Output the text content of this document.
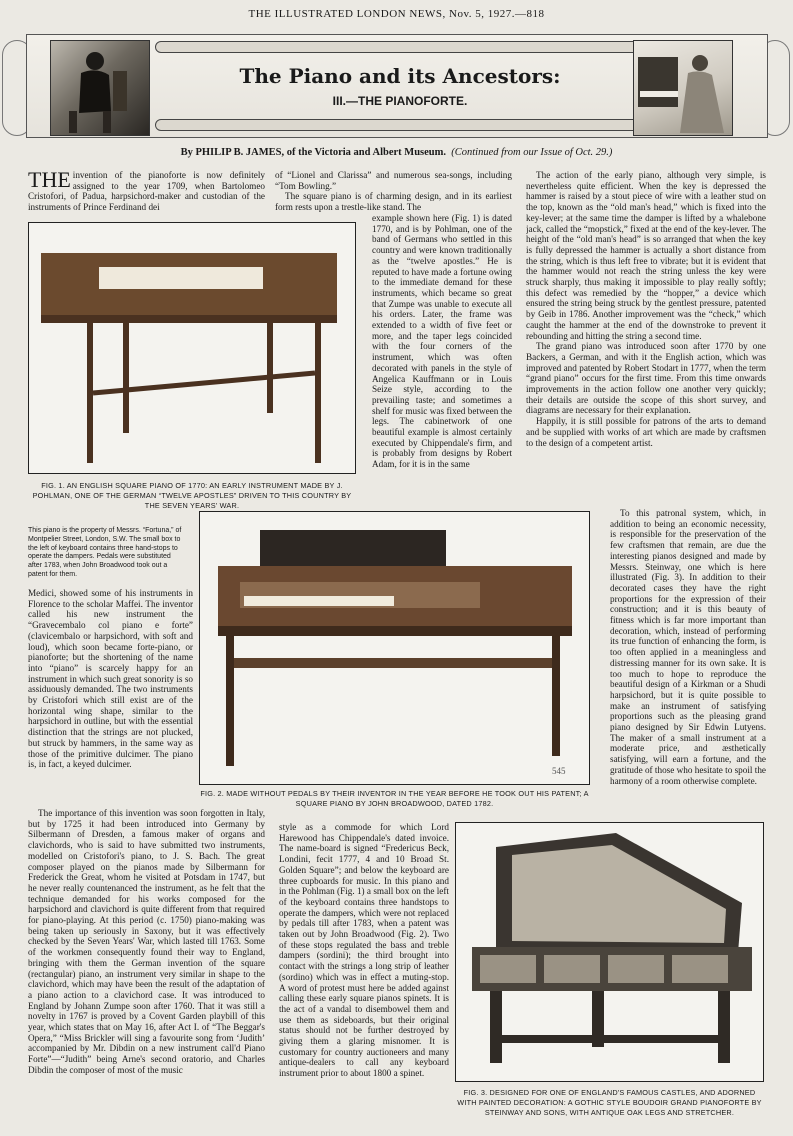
THE ILLUSTRATED LONDON NEWS, Nov. 5, 1927.—818
The Piano and its Ancestors:
III.—THE PIANOFORTE.
By PHILIP B. JAMES, of the Victoria and Albert Museum. (Continued from our Issue of Oct. 29.)

THE invention of the pianoforte is now definitely assigned to the year 1709, when Bartolomeo Cristofori, of Padua, harpsichord-maker and custodian of the instruments of Prince Ferdinand dei

FIG. 1. AN ENGLISH SQUARE PIANO OF 1770: AN EARLY INSTRUMENT MADE BY J. POHLMAN, ONE OF THE GERMAN “TWELVE APOSTLES” DRIVEN TO THIS COUNTRY BY THE SEVEN YEARS' WAR.
This piano is the property of Messrs. “Fortuna,” of Montpelier Street, London, S.W. The small box to the left of keyboard contains three hand-stops to operate the dampers. Pedals were substituted after 1783, when John Broadwood took out a patent for them.

Medici, showed some of his instruments in Florence to the scholar Maffei. The inventor called his new instrument the “Gravecembalo col piano e forte” (clavicembalo or harpsichord, with soft and loud), which soon became forte-piano, or pianoforte; but the shortening of the name into “piano” is scarcely happy for an instrument in which such great sonority is so assiduously demanded. The two instruments by Cristofori which still exist are of the horizontal wing shape, similar to the harpsichord in outline, but with the essential distinction that the strings are not plucked, but struck by hammers, in the same way as those of the primitive dulcimer. The piano is, in fact, a keyed dulcimer.

545
FIG. 2. MADE WITHOUT PEDALS BY THEIR INVENTOR IN THE YEAR BEFORE HE TOOK OUT HIS PATENT; A SQUARE PIANO BY JOHN BROADWOOD, DATED 1782.

The importance of this invention was soon forgotten in Italy, but by 1725 it had been introduced into Germany by Silbermann of Dresden, a famous maker of organs and clavichords, who is said to have submitted two instruments, modelled on Cristofori's piano, to J. S. Bach. The great composer played on the pianos made by Silbermann for Frederick the Great, whom he visited at Potsdam in 1747, but he never really countenanced the instrument, as he felt that the technique demanded for his works composed for the harpsichord and clavichord is quite different from that required for piano-playing. At this period (c. 1750) piano-making was being taken up seriously in Saxony, but it was effectively checked by the Seven Years' War, which lasted till 1763. Some of the workmen consequently found their way to England, bringing with them the German invention of the square (rectangular) piano, an instrument very similar in shape to the clavichord, which may have been the result of the adaptation of a piano action to a clavichord case. It was introduced to England by Johann Zumpe soon after 1760. That it was still a novelty in 1767 is proved by a Covent Garden playbill of this year, which states that on May 16, after Act I. of “The Beggar's Opera,” “Miss Brickler will sing a favourite song from ‘Judith’ accompanied by Mr. Dibdin on a new instrument call'd Piano Forte”—“Judith” being Arne's second oratorio, and Charles Dibdin the composer of most of the music

of “Lionel and Clarissa” and numerous sea-songs, including “Tom Bowling.”

The square piano is of charming design, and in its earliest form rests upon a trestle-like stand. The

example shown here (Fig. 1) is dated 1770, and is by Pohlman, one of the band of Germans who settled in this country and were known traditionally as the “twelve apostles.” He is reputed to have made a fortune owing to the immediate demand for these instruments, which became so great that Zumpe was unable to execute all his orders. Later, the frame was extended to a width of five feet or more, and the taper legs coincided with the four corners of the instrument, which was often decorated with panels in the style of Angelica Kauffmann or in Louis Seize style, according to the prevailing taste; and sometimes a shelf for music was fixed between the legs. The cabinetwork of one beautiful example is almost certainly executed by Chippendale's firm, and is probably from designs by Robert Adam, for it is in the same

style as a commode for which Lord Harewood has Chippendale's dated invoice. The name-board is signed “Fredericus Beck, Londini, fecit 1777, 4 and 10 Broad St. Golden Square”; and below the keyboard are three cupboards for music. In this piano and in the Pohlman (Fig. 1) a small box on the left of the keyboard contains three handstops to operate the dampers, which were not replaced by pedals till after 1783, when a patent was taken out by John Broadwood (Fig. 2). Two of these stops regulated the bass and treble dampers (sordini); the third brought into contact with the strings a long strip of leather (sordino) which was in effect a muting-stop. A word of protest must here be added against calling these early square pianos spinets. It is the act of a vandal to disembowel them and use them as sideboards, but their original status should not be further destroyed by giving them a glaring misnomer. It is customary for country auctioneers and many antique-dealers to call any keyboard instrument prior to about 1800 a spinet.

The action of the early piano, although very simple, is nevertheless quite efficient. When the key is depressed the hammer is raised by a stout piece of wire with a leather stud on the top, known as the “old man's head,” which is fixed into the key-lever; at the same time the damper is lifted by a whalebone jack, called the “mopstick,” fixed at the end of the key-lever. The height of the “old man's head” is so arranged that when the key is fully depressed the hammer is actually a short distance from the string, which is thus left free to vibrate; but it is evident that the hammer would not reach the string unless the key were struck sharply, thus making it impossible to play really softly; this defect was remedied by the “hopper,” a device which ensured the string being struck by the gentlest pressure, patented by Geib in 1786. Another improvement was the “check,” which caught the hammer at the end of the downstroke to prevent it rebounding and hitting the string a second time.

The grand piano was introduced soon after 1770 by one Backers, a German, and with it the English action, which was improved and patented by Robert Stodart in 1777, when the term “grand piano” occurs for the first time. From this time onwards improvements in the action follow one another very quickly; their details are outside the scope of this short survey, and diagrams are necessary for their explanation.

Happily, it is still possible for patrons of the arts to demand and be supplied with works of art which are made by craftsmen to the design of a competent artist.

To this patronal system, which, in addition to being an economic necessity, is responsible for the preservation of the few craftsmen that remain, are due the interesting pianos designed and made by Messrs. Steinway, one which is here illustrated (Fig. 3). In addition to their decorated cases they have the right proportions for the expression of their construction; and it is this beauty of fitness which is far more important than decoration, which, instead of performing its true function of enhancing the form, is too often applied in a meaningless and distressing manner for its own sake. It is too much to hope to reproduce the beautiful design of a Kirkman or a Shudi harpsichord, but it is quite possible to make an instrument of satisfying proportions such as the pleasing grand piano designed by Sir Edwin Lutyens. The maker of a small instrument at a moderate price, and æsthetically satisfying, will earn a fortune, and the gratitude of those who hesitate to spoil the harmony of a room otherwise complete.

FIG. 3. DESIGNED FOR ONE OF ENGLAND'S FAMOUS CASTLES, AND ADORNED WITH PAINTED DECORATION: A GOTHIC STYLE BOUDOIR GRAND PIANOFORTE BY STEINWAY AND SONS, WITH ANTIQUE OAK LEGS AND STRETCHER.
